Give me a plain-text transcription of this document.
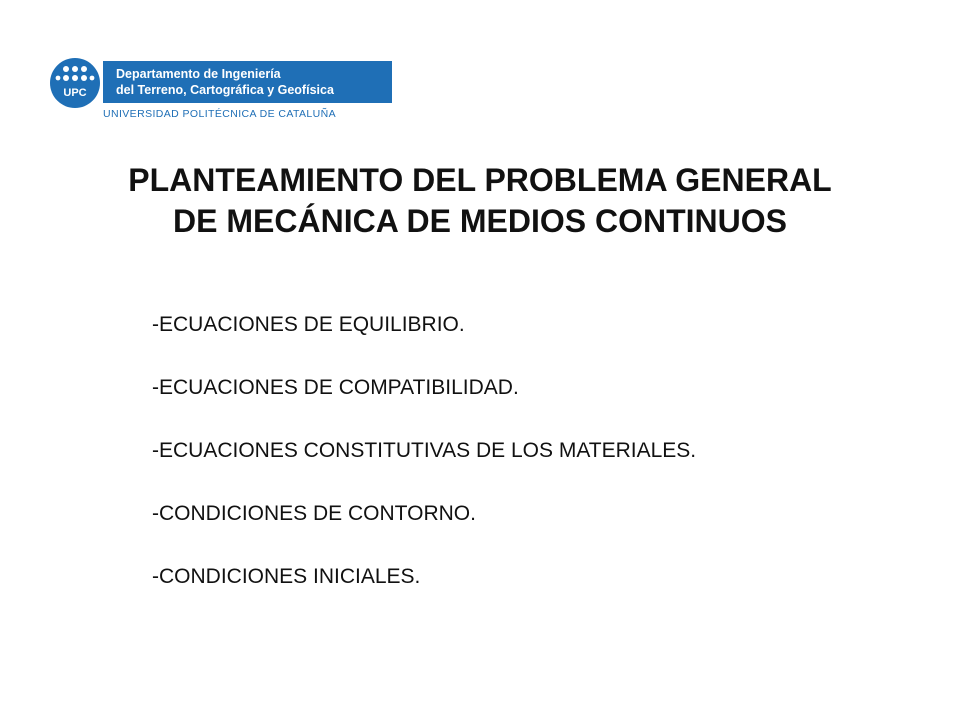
UPC
Departamento de Ingeniería
del Terreno, Cartográfica y Geofísica
UNIVERSIDAD POLITÉCNICA DE CATALUÑA
PLANTEAMIENTO DEL PROBLEMA GENERAL
DE MECÁNICA DE MEDIOS CONTINUOS
-ECUACIONES DE EQUILIBRIO.
-ECUACIONES DE COMPATIBILIDAD.
-ECUACIONES CONSTITUTIVAS DE LOS MATERIALES.
-CONDICIONES DE CONTORNO.
-CONDICIONES INICIALES.
